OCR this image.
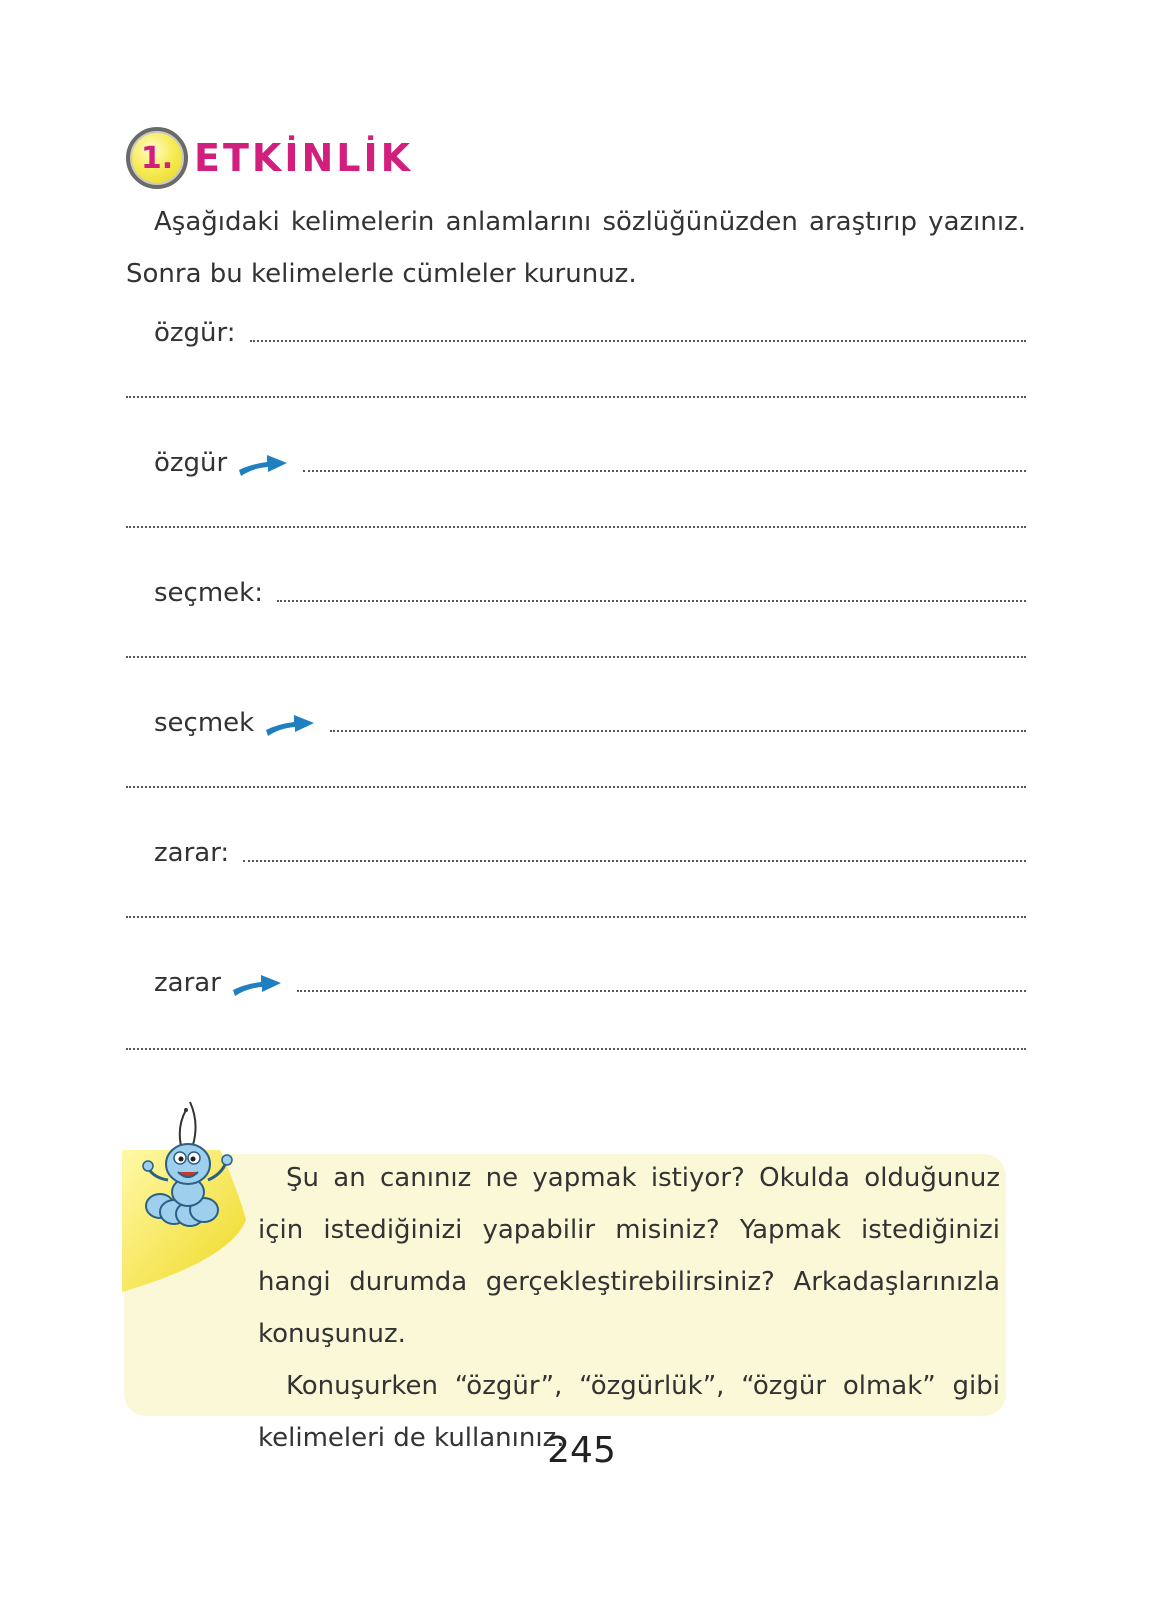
1. ETKİNLİK
Aşağıdaki kelimelerin anlamlarını sözlüğünüzden araştırıp yazınız. Sonra bu kelimelerle cümleler kurunuz.
özgür:
özgür
seçmek:
seçmek
zarar:
zarar

Şu an canınız ne yapmak istiyor? Okulda olduğunuz için istediğinizi yapabilir misiniz? Yapmak istediğinizi hangi durumda gerçekleştirebilirsiniz? Arkadaşlarınızla konuşunuz.

Konuşurken “özgür”, “özgürlük”, “özgür olmak” gibi kelimeleri de kullanınız.

245
